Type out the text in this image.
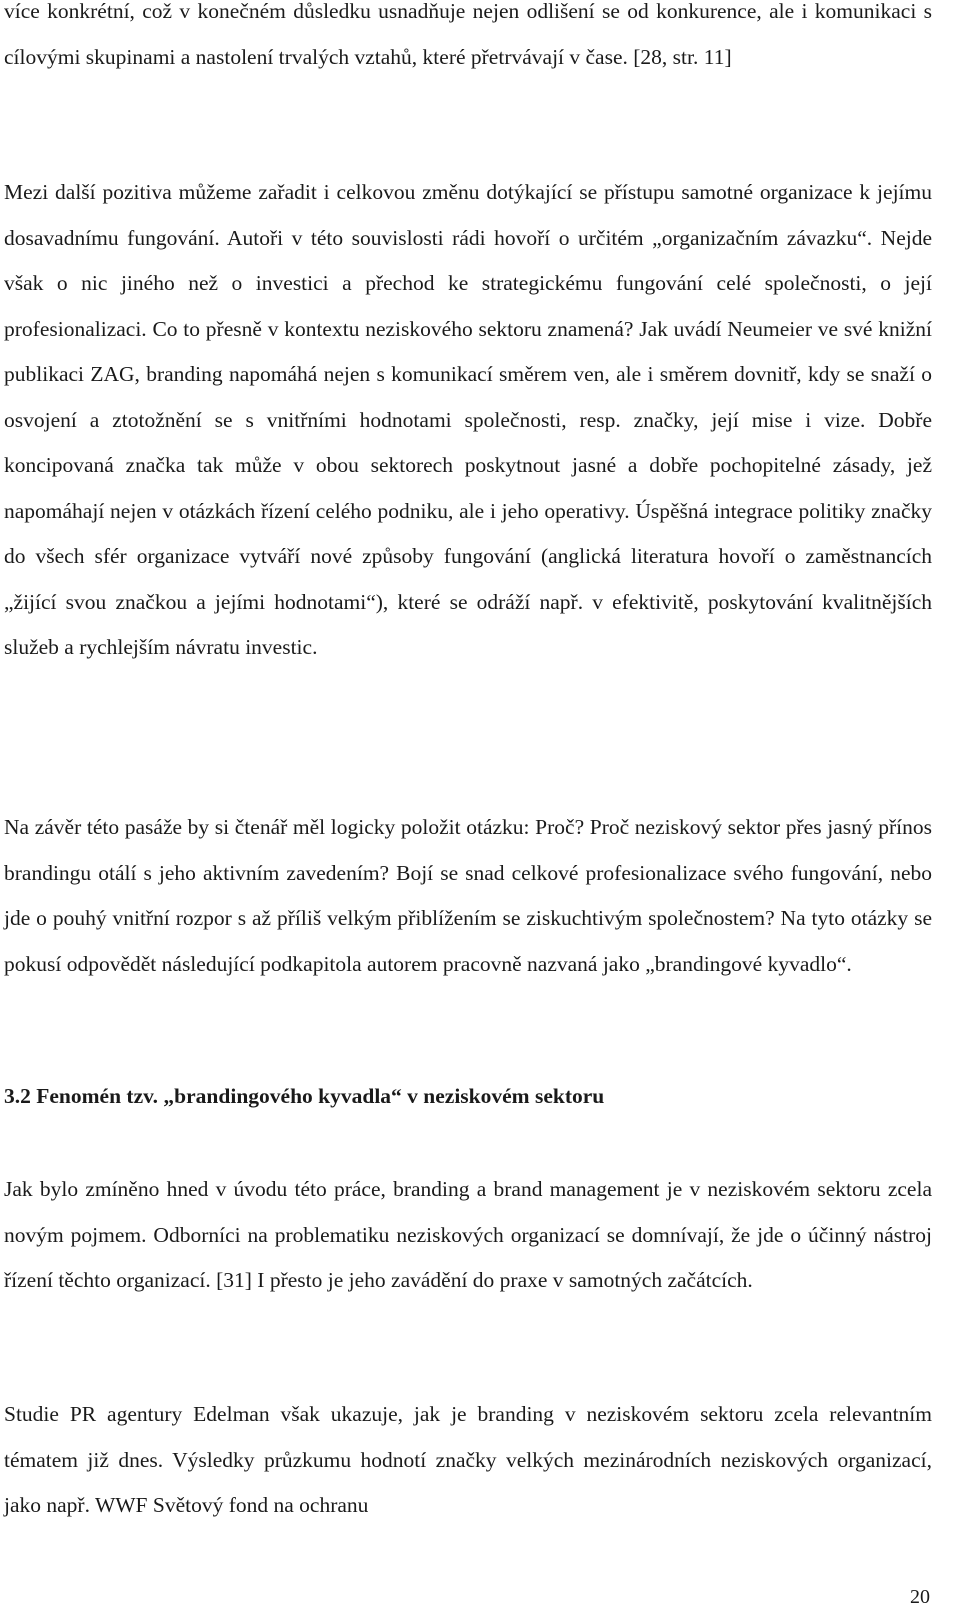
více konkrétní, což v konečném důsledku usnadňuje nejen odlišení se od konkurence, ale i komunikaci s cílovými skupinami a nastolení trvalých vztahů, které přetrvávají v čase. [28, str. 11]

Mezi další pozitiva můžeme zařadit i celkovou změnu dotýkající se přístupu samotné organizace k jejímu dosavadnímu fungování. Autoři v této souvislosti rádi hovoří o určitém „organizačním závazku“. Nejde však o nic jiného než o investici a přechod ke strategickému fungování celé společnosti, o její profesionalizaci. Co to přesně v kontextu neziskového sektoru znamená? Jak uvádí Neumeier ve své knižní publikaci ZAG, branding napomáhá nejen s komunikací směrem ven, ale i směrem dovnitř, kdy se snaží o osvojení a ztotožnění se s vnitřními hodnotami společnosti, resp. značky, její mise i vize. Dobře koncipovaná značka tak může v obou sektorech poskytnout jasné a dobře pochopitelné zásady, jež napomáhají nejen v otázkách řízení celého podniku, ale i jeho operativy. Úspěšná integrace politiky značky do všech sfér organizace vytváří nové způsoby fungování (anglická literatura hovoří o zaměstnancích „žijící svou značkou a jejími hodnotami“), které se odráží např. v efektivitě, poskytování kvalitnějších služeb a rychlejším návratu investic.

Na závěr této pasáže by si čtenář měl logicky položit otázku: Proč? Proč neziskový sektor přes jasný přínos brandingu otálí s jeho aktivním zavedením? Bojí se snad celkové profesionalizace svého fungování, nebo jde o pouhý vnitřní rozpor s až příliš velkým přiblížením se ziskuchtivým společnostem? Na tyto otázky se pokusí odpovědět následující podkapitola autorem pracovně nazvaná jako „brandingové kyvadlo“.

3.2 Fenomén tzv. „brandingového kyvadla“ v neziskovém sektoru

Jak bylo zmíněno hned v úvodu této práce, branding a brand management je v neziskovém sektoru zcela novým pojmem. Odborníci na problematiku neziskových organizací se domnívají, že jde o účinný nástroj řízení těchto organizací. [31] I přesto je jeho zavádění do praxe v samotných začátcích.

Studie PR agentury Edelman však ukazuje, jak je branding v neziskovém sektoru zcela relevantním tématem již dnes. Výsledky průzkumu hodnotí značky velkých mezinárodních neziskových organizací, jako např. WWF Světový fond na ochranu

20
